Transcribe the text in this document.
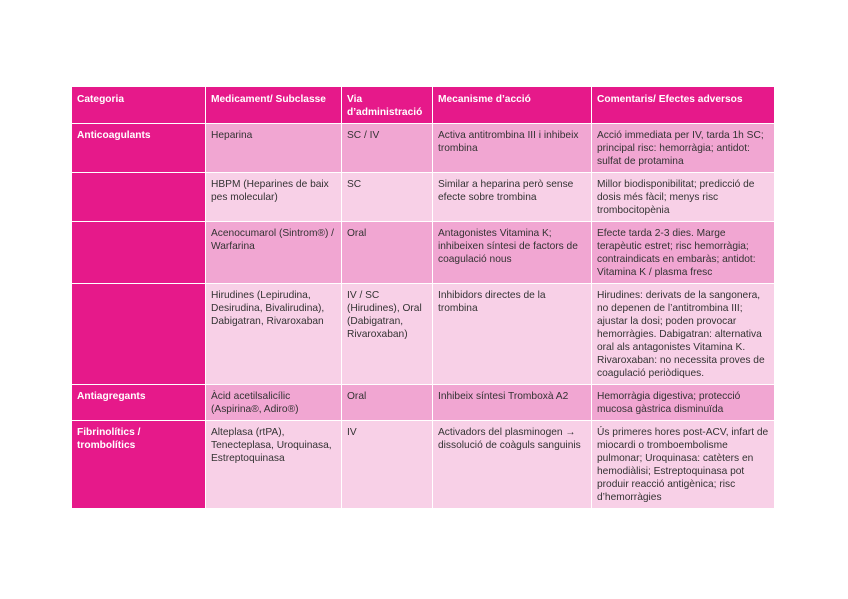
Categoria	Medicament/ Subclasse	Via d’administració	Mecanisme d’acció	Comentaris/ Efectes adversos
Anticoagulants	Heparina	SC / IV	Activa antitrombina III i inhibeix trombina	Acció immediata per IV, tarda 1h SC; principal risc: hemorràgia; antidot: sulfat de protamina
	HBPM (Heparines de baix pes molecular)	SC	Similar a heparina però sense efecte sobre trombina	Millor biodisponibilitat; predicció de dosis més fàcil; menys risc trombocitopènia
	Acenocumarol (Sintrom®) / Warfarina	Oral	Antagonistes Vitamina K; inhibeixen síntesi de factors de coagulació nous	Efecte tarda 2-3 dies. Marge terapèutic estret; risc hemorràgia; contraindicats en embaràs; antidot: Vitamina K / plasma fresc
	Hirudines (Lepirudina, Desirudina, Bivalirudina), Dabigatran, Rivaroxaban	IV / SC (Hirudines), Oral (Dabigatran, Rivaroxaban)	Inhibidors directes de la trombina	Hirudines: derivats de la sangonera, no depenen de l’antitrombina III; ajustar la dosi; poden provocar hemorràgies. Dabigatran: alternativa oral als antagonistes Vitamina K. Rivaroxaban: no necessita proves de coagulació periòdiques.
Antiagregants	Àcid acetilsalicílic (Aspirina®, Adiro®)	Oral	Inhibeix síntesi Tromboxà A2	Hemorràgia digestiva; protecció mucosa gàstrica disminuïda
Fibrinolítics / trombolítics	Alteplasa (rtPA), Tenecteplasa, Uroquinasa, Estreptoquinasa	IV	Activadors del plasminogen → dissolució de coàguls sanguinis	Ús primeres hores post-ACV, infart de miocardi o tromboembolisme pulmonar; Uroquinasa: catèters en hemodiàlisi; Estreptoquinasa pot produir reacció antigènica; risc d’hemorràgies
